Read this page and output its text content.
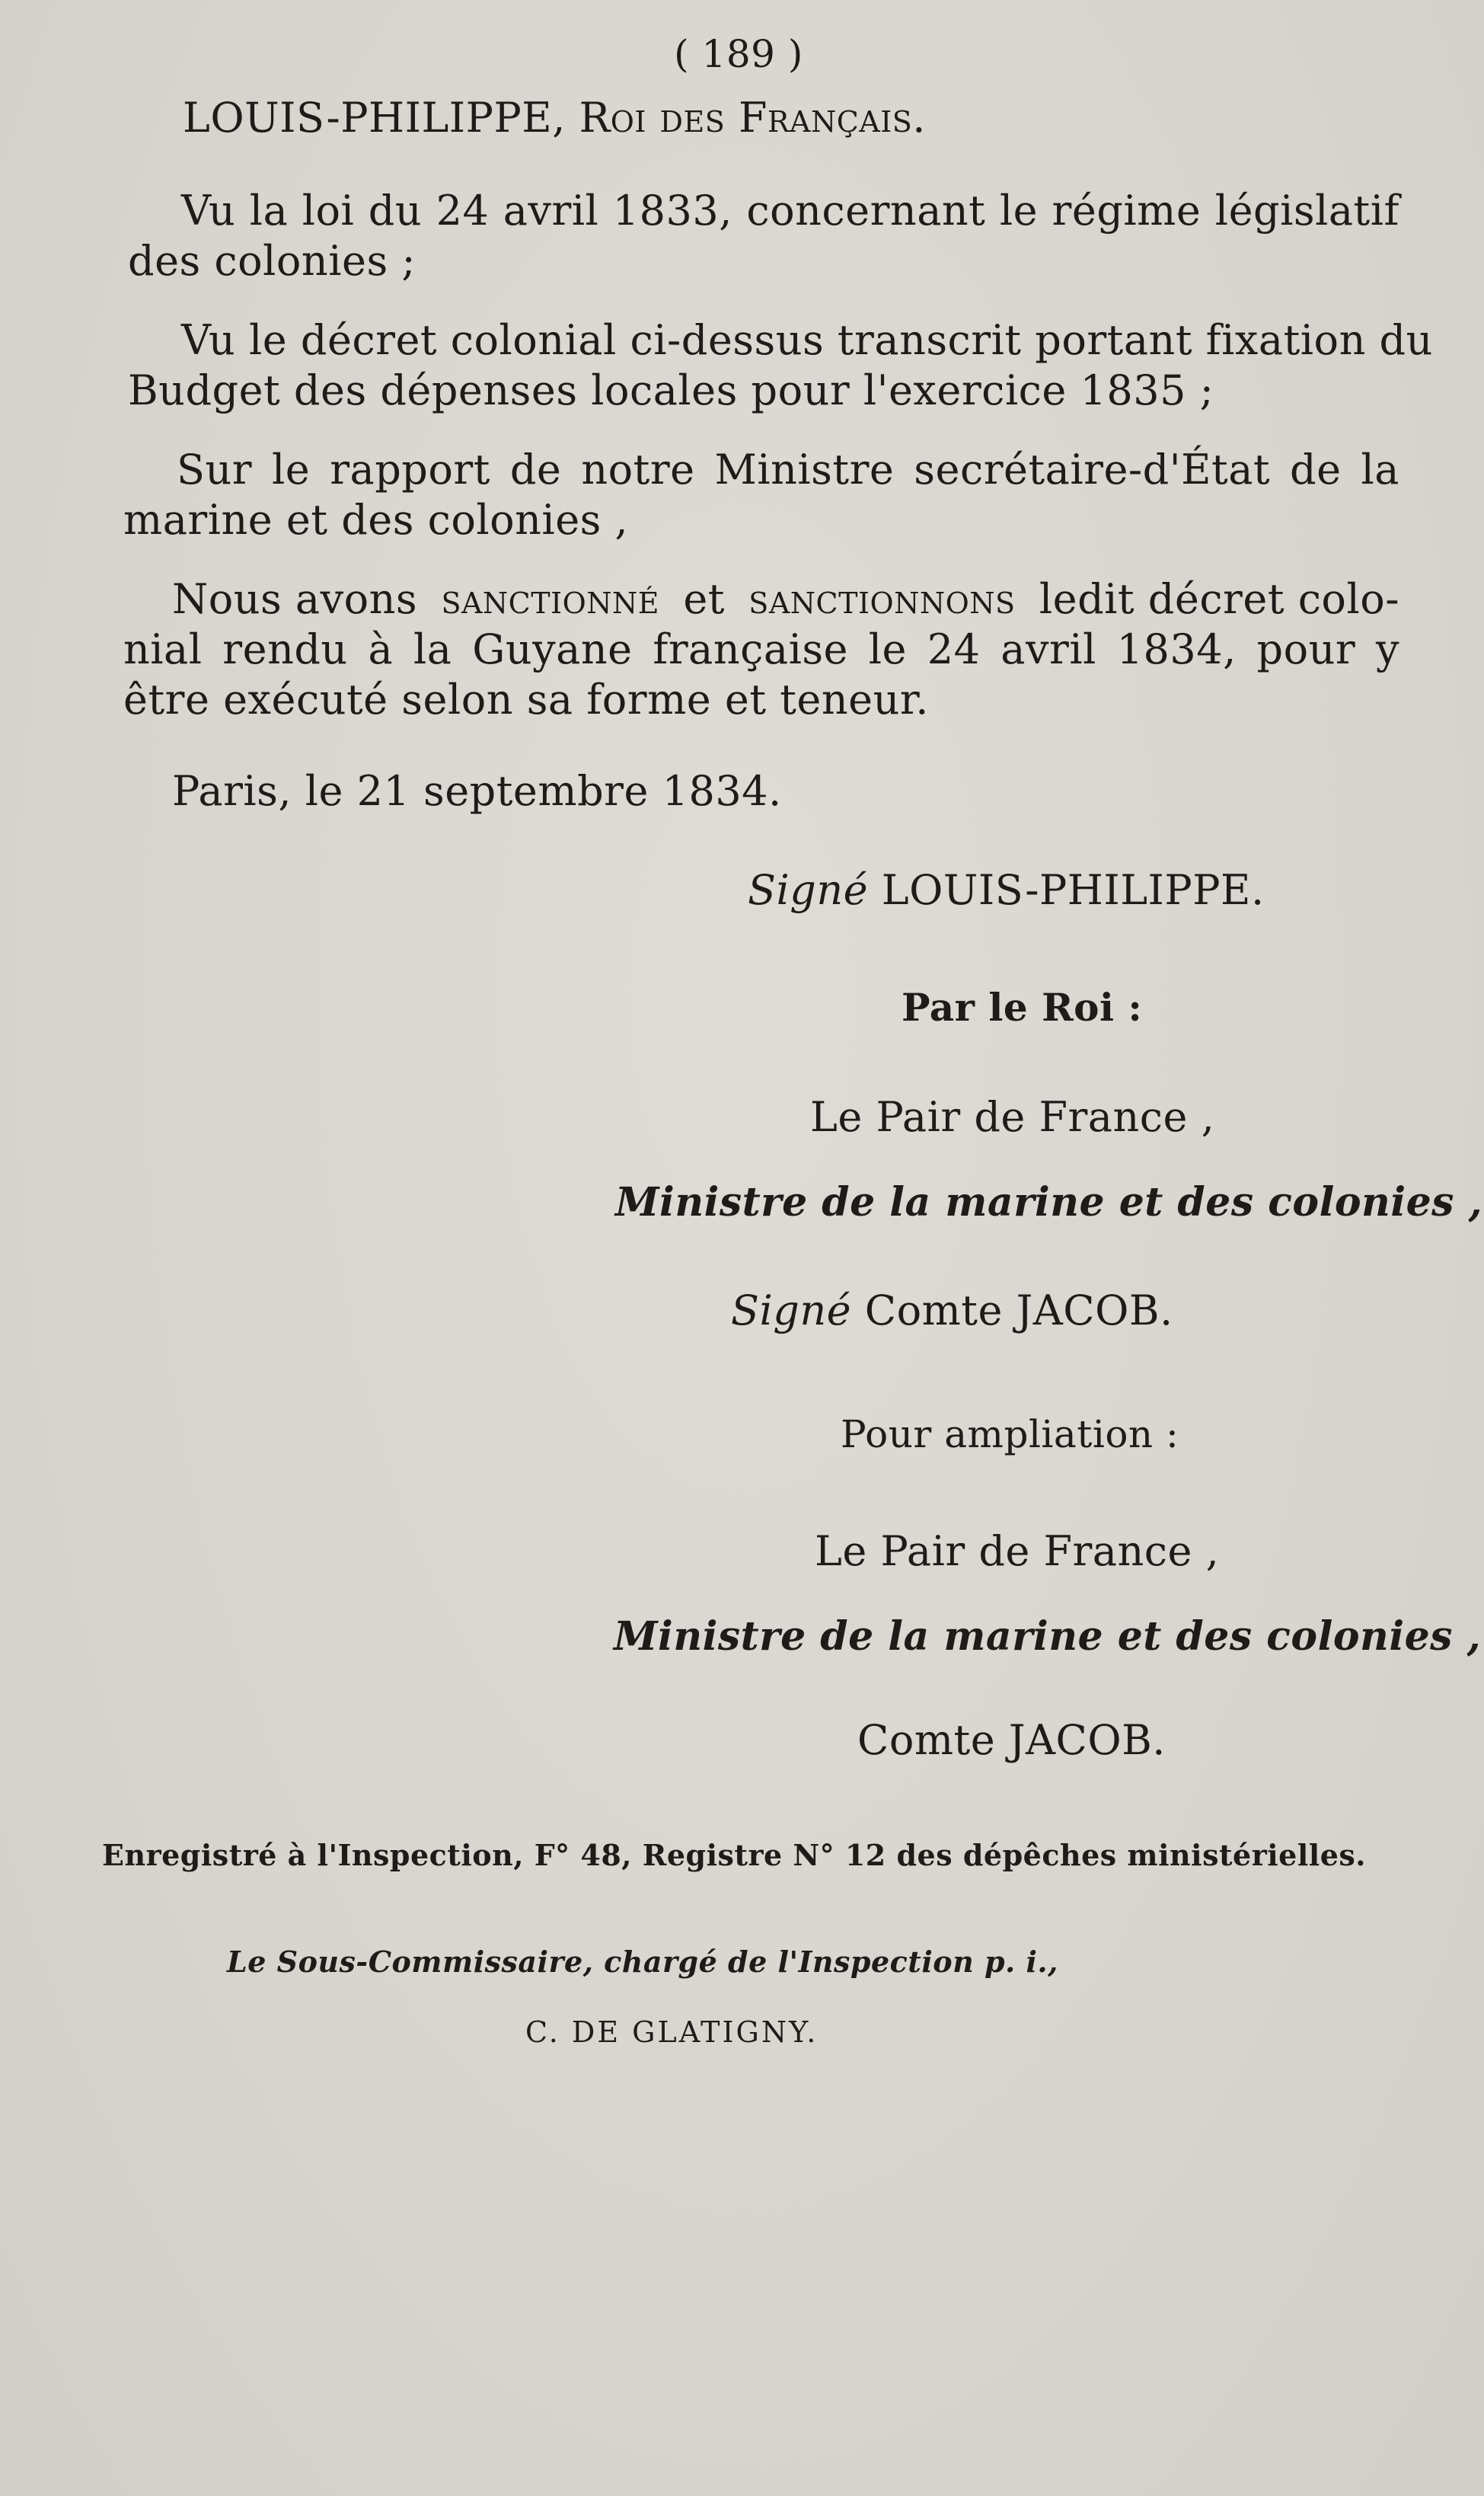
( 189 )
LOUIS-PHILIPPE, Roi des Français.
Vu la loi du 24 avril 1833, concernant le régime législatif
des colonies ;
Vu le décret colonial ci-dessus transcrit portant fixation du
Budget des dépenses locales pour l'exercice 1835 ;
Sur le rapport de notre Ministre secrétaire-d'État de la
marine et des colonies ,
Nous avons sanctionné et sanctionnons ledit décret colo-
nial rendu à la Guyane française le 24 avril 1834, pour y
être exécuté selon sa forme et teneur.
Paris, le 21 septembre 1834.
Signé LOUIS-PHILIPPE.
Par le Roi :
Le Pair de France ,
Ministre de la marine et des colonies ,
Signé Comte JACOB.
Pour ampliation :
Le Pair de France ,
Ministre de la marine et des colonies ,
Comte JACOB.
Enregistré à l'Inspection, F° 48, Registre N° 12 des dépêches ministérielles.
Le Sous-Commissaire, chargé de l'Inspection p. i.,
C. DE GLATIGNY.
